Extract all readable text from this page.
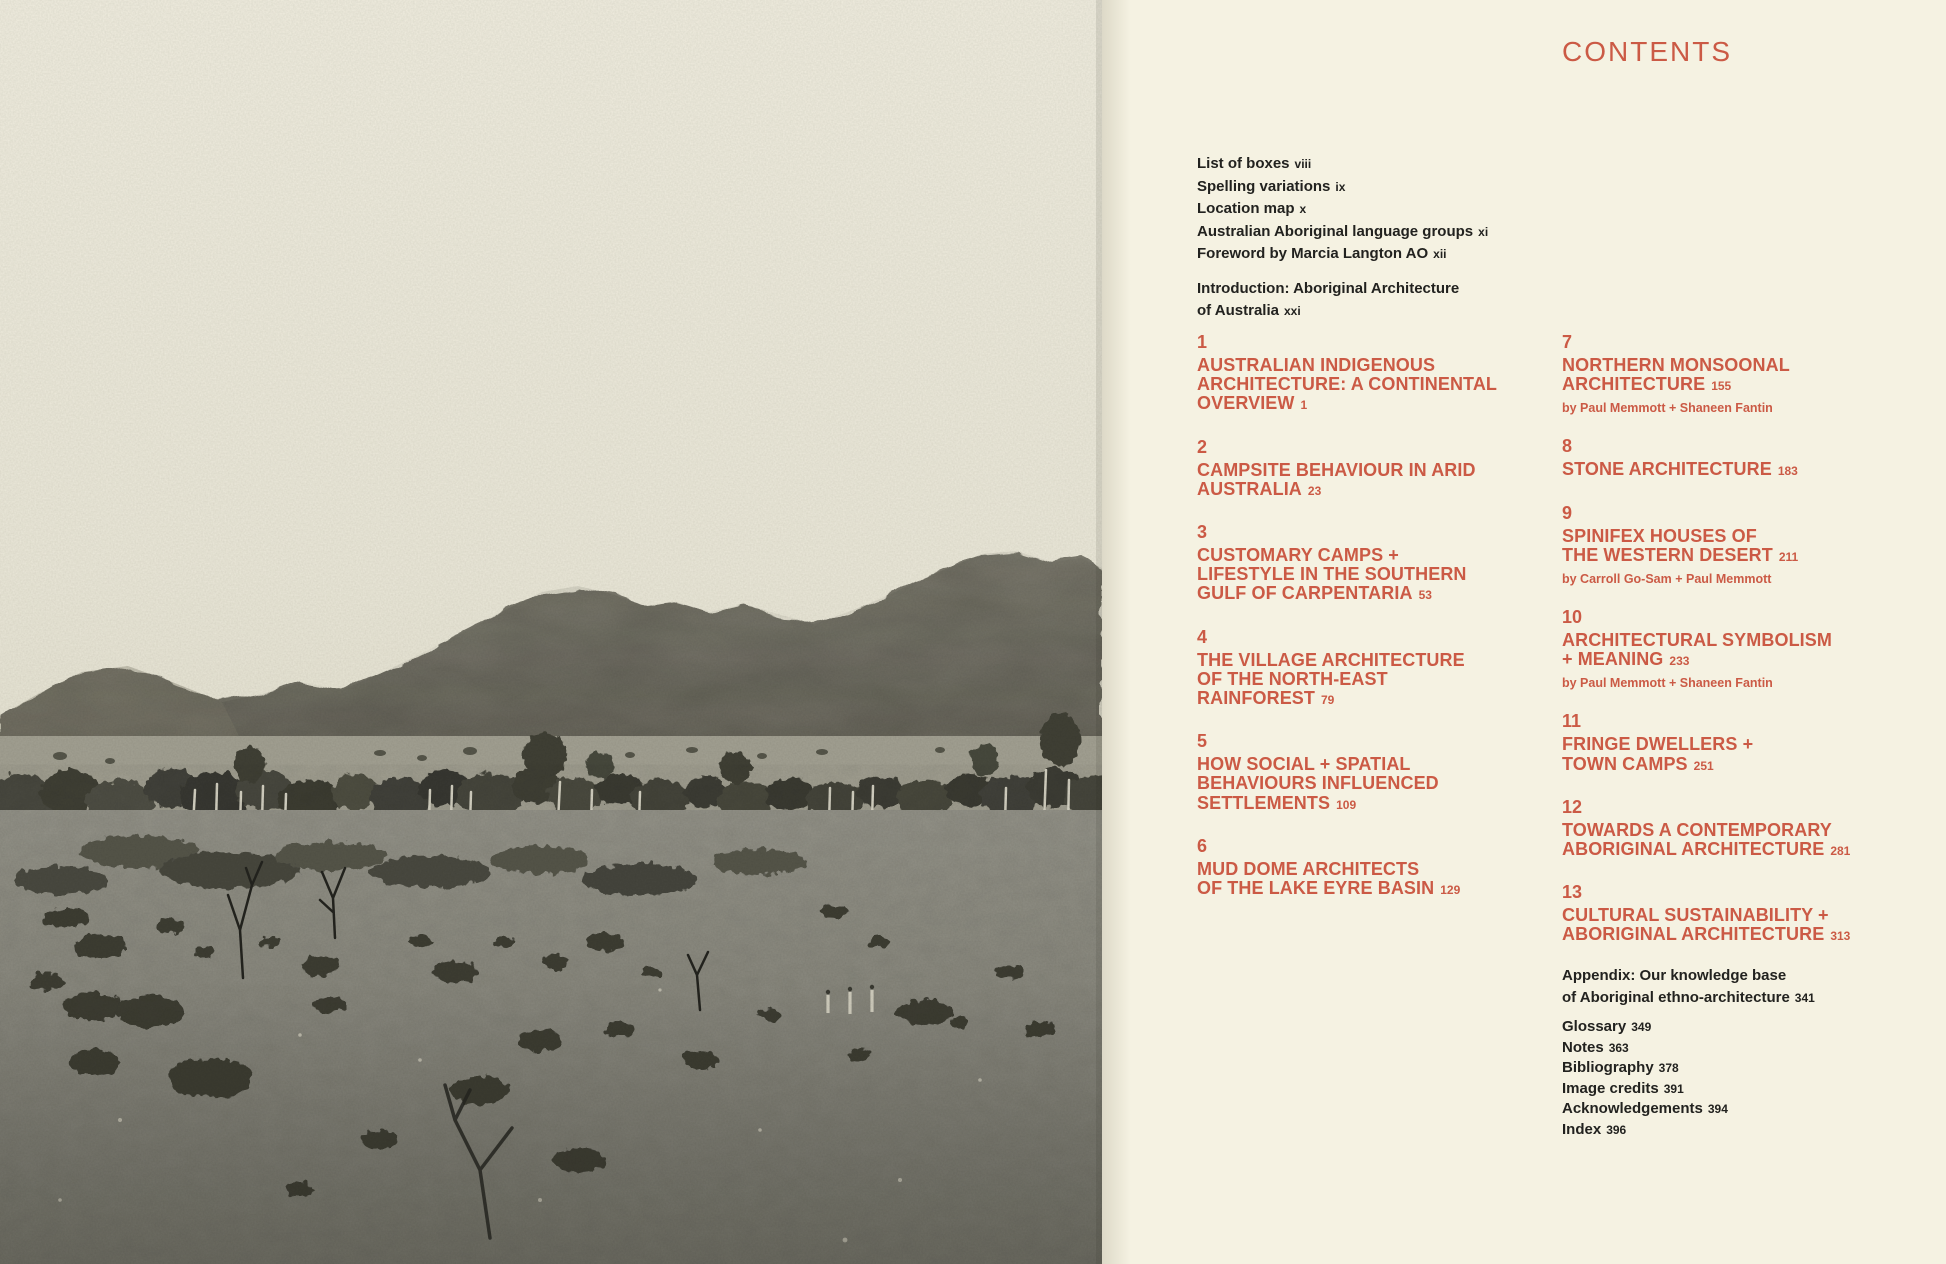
CONTENTS
List of boxes viii
Spelling variations ix
Location map x
Australian Aboriginal language groups xi
Foreword by Marcia Langton AO xii
Introduction: Aboriginal Architecture
of Australia xxi
1
AUSTRALIAN INDIGENOUS
ARCHITECTURE: A CONTINENTAL
OVERVIEW 1
2
CAMPSITE BEHAVIOUR IN ARID
AUSTRALIA 23
3
CUSTOMARY CAMPS +
LIFESTYLE IN THE SOUTHERN
GULF OF CARPENTARIA 53
4
THE VILLAGE ARCHITECTURE
OF THE NORTH-EAST
RAINFOREST 79
5
HOW SOCIAL + SPATIAL
BEHAVIOURS INFLUENCED
SETTLEMENTS 109
6
MUD DOME ARCHITECTS
OF THE LAKE EYRE BASIN 129
7
NORTHERN MONSOONAL
ARCHITECTURE 155
by Paul Memmott + Shaneen Fantin
8
STONE ARCHITECTURE 183
9
SPINIFEX HOUSES OF
THE WESTERN DESERT 211
by Carroll Go-Sam + Paul Memmott
10
ARCHITECTURAL SYMBOLISM
+ MEANING 233
by Paul Memmott + Shaneen Fantin
11
FRINGE DWELLERS +
TOWN CAMPS 251
12
TOWARDS A CONTEMPORARY
ABORIGINAL ARCHITECTURE 281
13
CULTURAL SUSTAINABILITY +
ABORIGINAL ARCHITECTURE 313
Appendix: Our knowledge base
of Aboriginal ethno-architecture 341
Glossary 349
Notes 363
Bibliography 378
Image credits 391
Acknowledgements 394
Index 396
